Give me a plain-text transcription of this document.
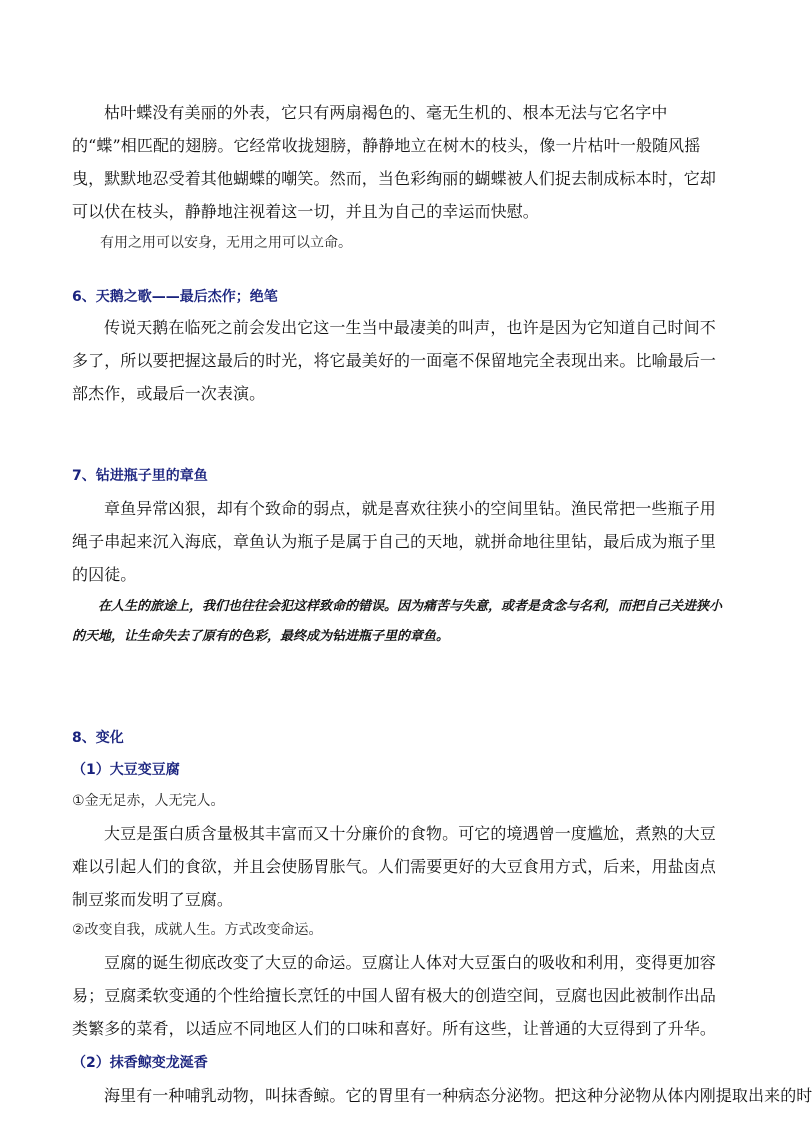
枯叶蝶没有美丽的外表，它只有两扇褐色的、毫无生机的、根本无法与它名字中的“蝶”相匹配的翅膀。它经常收拢翅膀，静静地立在树木的枝头，像一片枯叶一般随风摇曳，默默地忍受着其他蝴蝶的嘲笑。然而，当色彩绚丽的蝴蝶被人们捉去制成标本时，它却可以伏在枝头，静静地注视着这一切，并且为自己的幸运而快慰。

有用之用可以安身，无用之用可以立命。

6、天鹅之歌——最后杰作；绝笔

传说天鹅在临死之前会发出它这一生当中最凄美的叫声，也许是因为它知道自己时间不多了，所以要把握这最后的时光，将它最美好的一面毫不保留地完全表现出来。比喻最后一部杰作，或最后一次表演。

7、钻进瓶子里的章鱼

章鱼异常凶狠，却有个致命的弱点，就是喜欢往狭小的空间里钻。渔民常把一些瓶子用绳子串起来沉入海底，章鱼认为瓶子是属于自己的天地，就拼命地往里钻，最后成为瓶子里的囚徒。

在人生的旅途上，我们也往往会犯这样致命的错误。因为痛苦与失意，或者是贪念与名利，而把自己关进狭小的天地，让生命失去了原有的色彩，最终成为钻进瓶子里的章鱼。

8、变化
（1）大豆变豆腐

①金无足赤，人无完人。

大豆是蛋白质含量极其丰富而又十分廉价的食物。可它的境遇曾一度尴尬，煮熟的大豆难以引起人们的食欲，并且会使肠胃胀气。人们需要更好的大豆食用方式，后来，用盐卤点制豆浆而发明了豆腐。

②改变自我，成就人生。方式改变命运。

豆腐的诞生彻底改变了大豆的命运。豆腐让人体对大豆蛋白的吸收和利用，变得更加容易；豆腐柔软变通的个性给擅长烹饪的中国人留有极大的创造空间，豆腐也因此被制作出品类繁多的菜肴，以适应不同地区人们的口味和喜好。所有这些，让普通的大豆得到了升华。

（2）抹香鲸变龙涎香

海里有一种哺乳动物，叫抹香鲸。它的胃里有一种病态分泌物。把这种分泌物从体内刚提取出来的时
